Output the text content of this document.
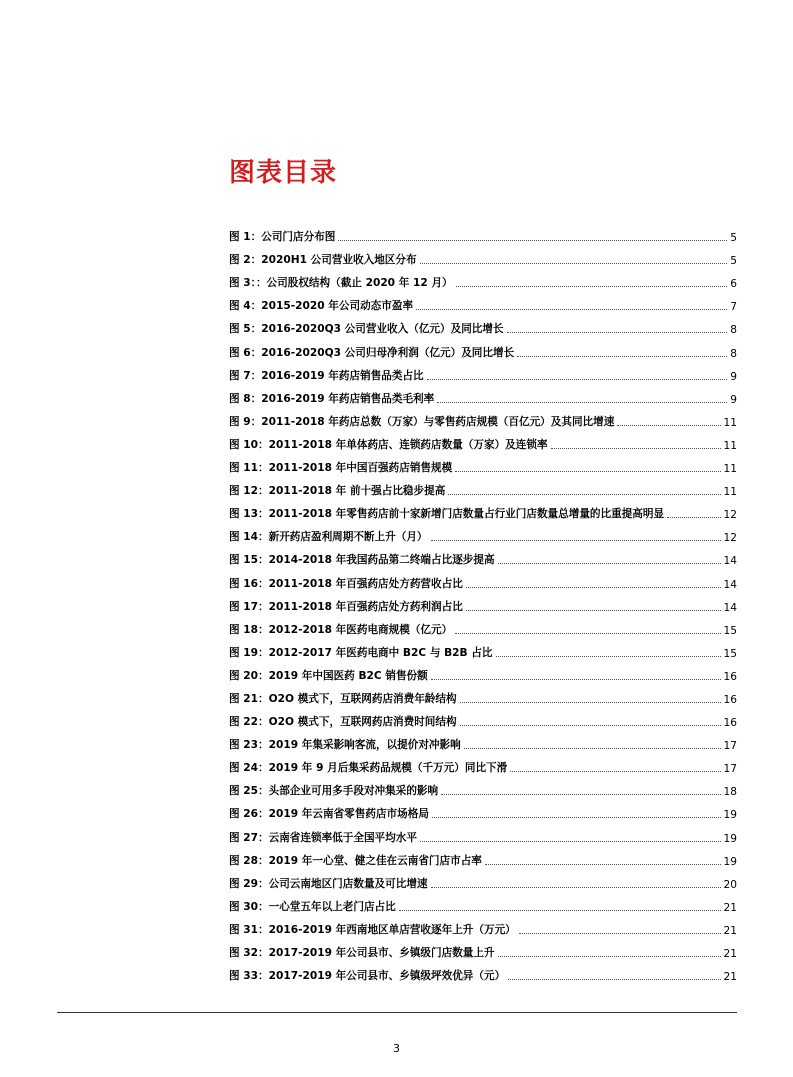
图表目录
图 1：公司门店分布图	5
图 2：2020H1 公司营业收入地区分布	5
图 3：：公司股权结构（截止 2020 年 12 月）	6
图 4：2015-2020 年公司动态市盈率	7
图 5：2016-2020Q3 公司营业收入（亿元）及同比增长	8
图 6：2016-2020Q3 公司归母净利润（亿元）及同比增长	8
图 7：2016-2019 年药店销售品类占比	9
图 8：2016-2019 年药店销售品类毛利率	9
图 9：2011-2018 年药店总数（万家）与零售药店规模（百亿元）及其同比增速	11
图 10：2011-2018 年单体药店、连锁药店数量（万家）及连锁率	11
图 11：2011-2018 年中国百强药店销售规模	11
图 12：2011-2018 年 前十强占比稳步提高	11
图 13：2011-2018 年零售药店前十家新增门店数量占行业门店数量总增量的比重提高明显	12
图 14：新开药店盈利周期不断上升（月）	12
图 15：2014-2018 年我国药品第二终端占比逐步提高	14
图 16：2011-2018 年百强药店处方药营收占比	14
图 17：2011-2018 年百强药店处方药利润占比	14
图 18：2012-2018 年医药电商规模（亿元）	15
图 19：2012-2017 年医药电商中 B2C 与 B2B 占比	15
图 20：2019 年中国医药 B2C 销售份额	16
图 21：O2O 模式下，互联网药店消费年龄结构	16
图 22：O2O 模式下，互联网药店消费时间结构	16
图 23：2019 年集采影响客流，以提价对冲影响	17
图 24：2019 年 9 月后集采药品规模（千万元）同比下滑	17
图 25：头部企业可用多手段对冲集采的影响	18
图 26：2019 年云南省零售药店市场格局	19
图 27：云南省连锁率低于全国平均水平	19
图 28：2019 年一心堂、健之佳在云南省门店市占率	19
图 29：公司云南地区门店数量及可比增速	20
图 30：一心堂五年以上老门店占比	21
图 31：2016-2019 年西南地区单店营收逐年上升（万元）	21
图 32：2017-2019 年公司县市、乡镇级门店数量上升	21
图 33：2017-2019 年公司县市、乡镇级坪效优异（元）	21
3
